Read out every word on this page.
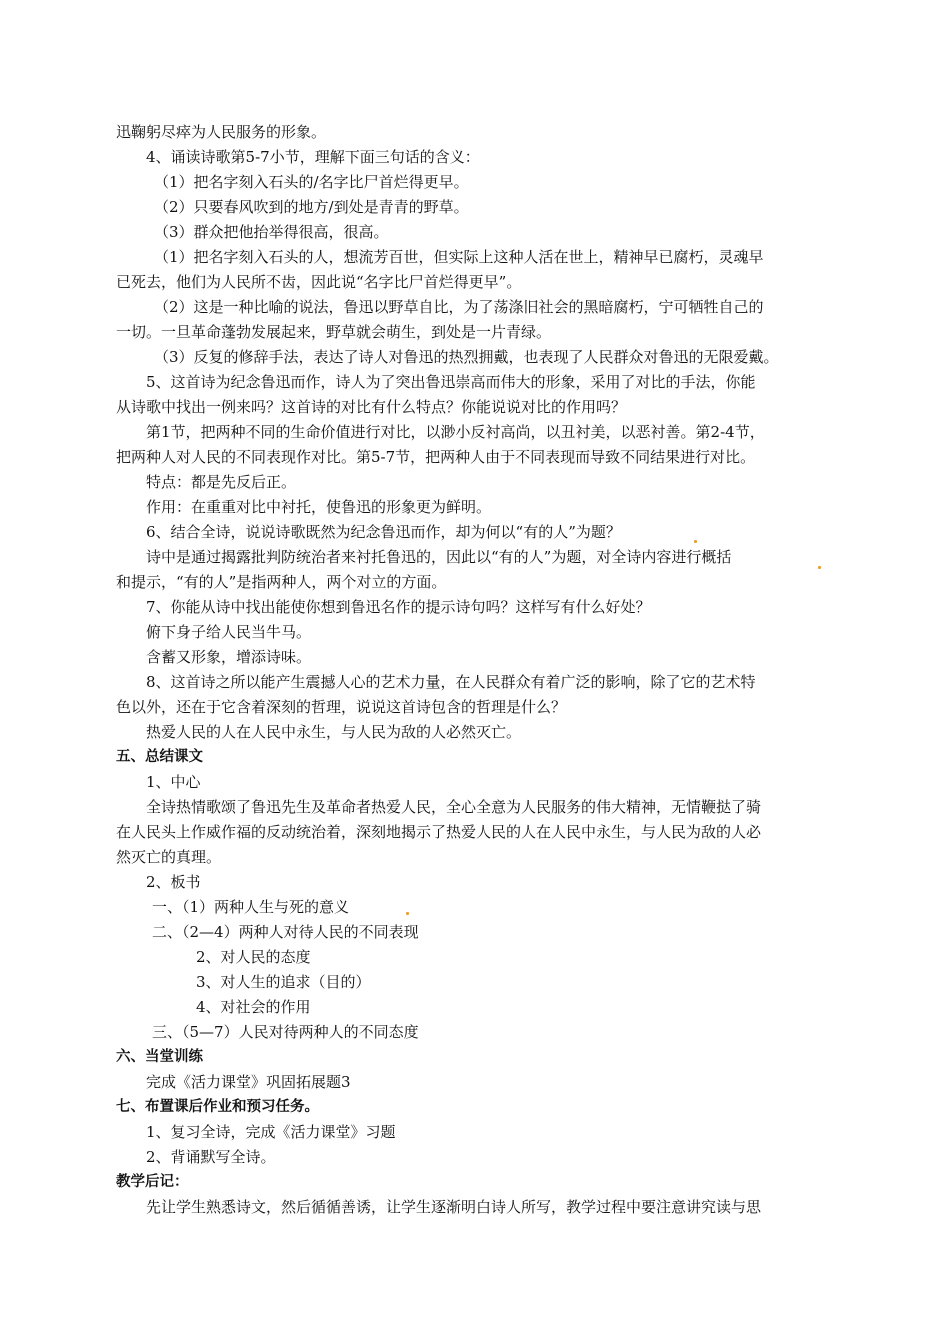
迅鞠躬尽瘁为人民服务的形象。
4、诵读诗歌第5-7小节，理解下面三句话的含义：
（1）把名字刻入石头的/名字比尸首烂得更早。
（2）只要春风吹到的地方/到处是青青的野草。
（3）群众把他抬举得很高，很高。
（1）把名字刻入石头的人，想流芳百世，但实际上这种人活在世上，精神早已腐朽，灵魂早
已死去，他们为人民所不齿，因此说“名字比尸首烂得更早”。
（2）这是一种比喻的说法，鲁迅以野草自比，为了荡涤旧社会的黑暗腐朽，宁可牺牲自己的
一切。一旦革命蓬勃发展起来，野草就会萌生，到处是一片青绿。
（3）反复的修辞手法，表达了诗人对鲁迅的热烈拥戴，也表现了人民群众对鲁迅的无限爱戴。
5、这首诗为纪念鲁迅而作，诗人为了突出鲁迅崇高而伟大的形象，采用了对比的手法，你能
从诗歌中找出一例来吗？这首诗的对比有什么特点？你能说说对比的作用吗？
第1节，把两种不同的生命价值进行对比，以渺小反衬高尚，以丑衬美，以恶衬善。第2-4节，
把两种人对人民的不同表现作对比。第5-7节，把两种人由于不同表现而导致不同结果进行对比。
特点：都是先反后正。
作用：在重重对比中衬托，使鲁迅的形象更为鲜明。
6、结合全诗，说说诗歌既然为纪念鲁迅而作，却为何以“有的人”为题？
诗中是通过揭露批判防统治者来衬托鲁迅的，因此以“有的人”为题，对全诗内容进行概括
和提示，“有的人”是指两种人，两个对立的方面。
7、你能从诗中找出能使你想到鲁迅名作的提示诗句吗？这样写有什么好处？
俯下身子给人民当牛马。
含蓄又形象，增添诗味。
8、这首诗之所以能产生震撼人心的艺术力量，在人民群众有着广泛的影响，除了它的艺术特
色以外，还在于它含着深刻的哲理，说说这首诗包含的哲理是什么？
热爱人民的人在人民中永生，与人民为敌的人必然灭亡。
五、总结课文
1、中心
全诗热情歌颂了鲁迅先生及革命者热爱人民，全心全意为人民服务的伟大精神，无情鞭挞了骑
在人民头上作威作福的反动统治着，深刻地揭示了热爱人民的人在人民中永生，与人民为敌的人必
然灭亡的真理。
2、板书
一、（1）两种人生与死的意义
二、（2—4）两种人对待人民的不同表现
2、对人民的态度
3、对人生的追求（目的）
4、对社会的作用
三、（5—7）人民对待两种人的不同态度
六、当堂训练
完成《活力课堂》巩固拓展题3
七、布置课后作业和预习任务。
1、复习全诗，完成《活力课堂》习题
2、背诵默写全诗。
教学后记：
先让学生熟悉诗文，然后循循善诱，让学生逐渐明白诗人所写，教学过程中要注意讲究读与思
